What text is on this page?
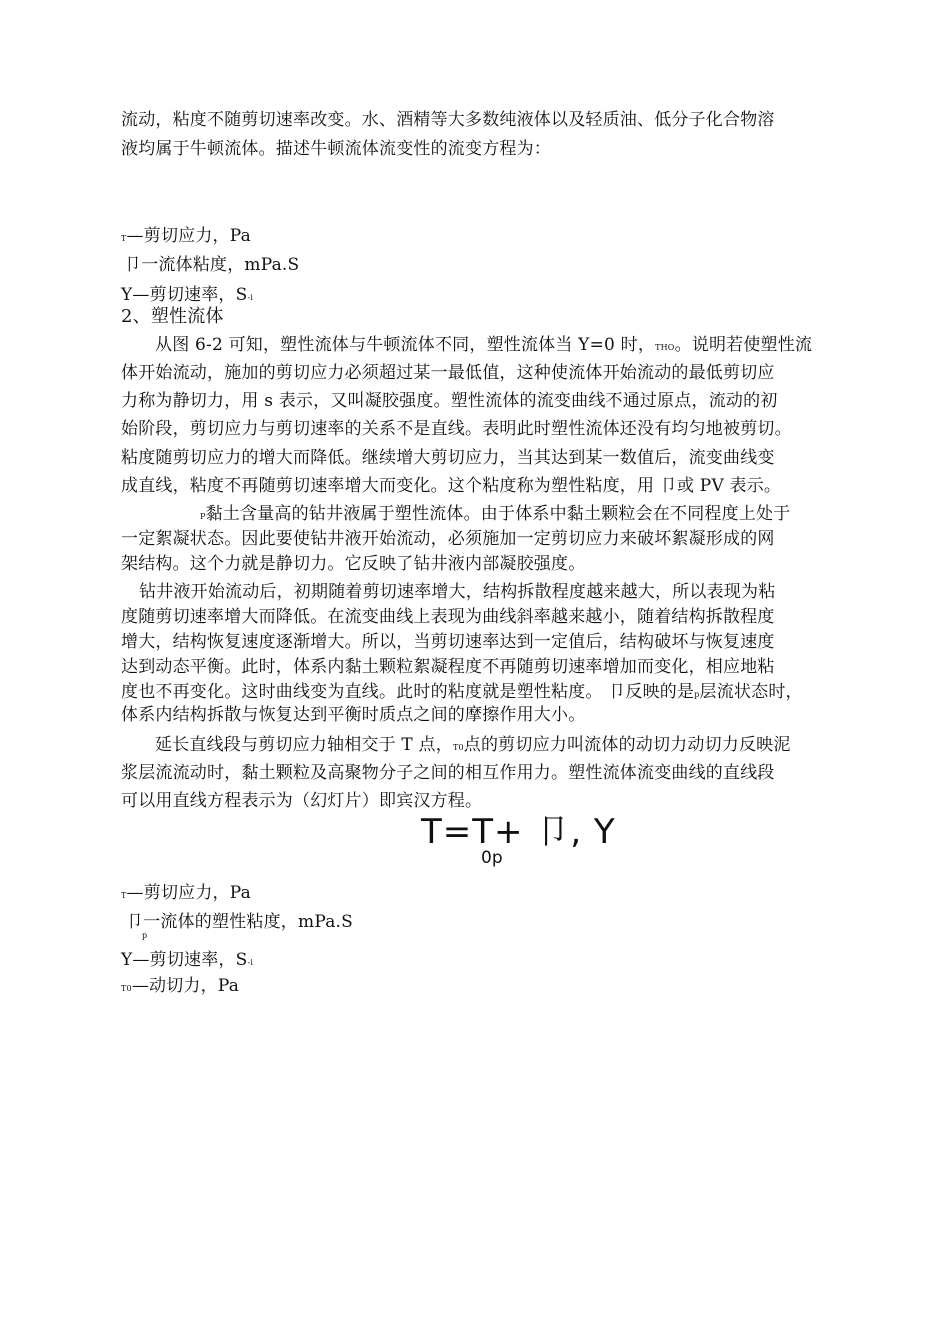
流动，粘度不随剪切速率改变。水、酒精等大多数纯液体以及轻质油、低分子化合物溶
液均属于牛顿流体。描述牛顿流体流变性的流变方程为：
T—剪切应力，Pa
卩一流体粘度，mPa.S
Y—剪切速率，S-i
2、塑性流体
从图 6-2 可知，塑性流体与牛顿流体不同，塑性流体当 Y=0 时，THO。说明若使塑性流
体开始流动，施加的剪切应力必须超过某一最低值，这种使流体开始流动的最低剪切应
力称为静切力，用 s 表示，又叫凝胶强度。塑性流体的流变曲线不通过原点，流动的初
始阶段，剪切应力与剪切速率的关系不是直线。表明此时塑性流体还没有均匀地被剪切。
粘度随剪切应力的增大而降低。继续增大剪切应力，当其达到某一数值后，流变曲线变
成直线，粘度不再随剪切速率增大而变化。这个粘度称为塑性粘度，用 卩或 PV 表示。
P黏土含量高的钻井液属于塑性流体。由于体系中黏土颗粒会在不同程度上处于
一定絮凝状态。因此要使钻井液开始流动，必须施加一定剪切应力来破坏絮凝形成的网
架结构。这个力就是静切力。它反映了钻井液内部凝胶强度。
钻井液开始流动后，初期随着剪切速率增大，结构拆散程度越来越大，所以表现为粘
度随剪切速率增大而降低。在流变曲线上表现为曲线斜率越来越小，随着结构拆散程度
增大，结构恢复速度逐渐增大。所以，当剪切速率达到一定值后，结构破坏与恢复速度
达到动态平衡。此时，体系内黏土颗粒絮凝程度不再随剪切速率增加而变化，相应地粘
度也不再变化。这时曲线变为直线。此时的粘度就是塑性粘度。 卩反映的是p层流状态时，
体系内结构拆散与恢复达到平衡时质点之间的摩擦作用大小。
延长直线段与剪切应力轴相交于 T 点，T0点的剪切应力叫流体的动切力动切力反映泥
浆层流流动时，黏土颗粒及高聚物分子之间的相互作用力。塑性流体流变曲线的直线段
可以用直线方程表示为（幻灯片）即宾汉方程。
T=T+ 卩, Y
0p
T—剪切应力，Pa
卩一流体的塑性粘度，mPa.S
p
Y—剪切速率，S-i
T0—动切力，Pa
